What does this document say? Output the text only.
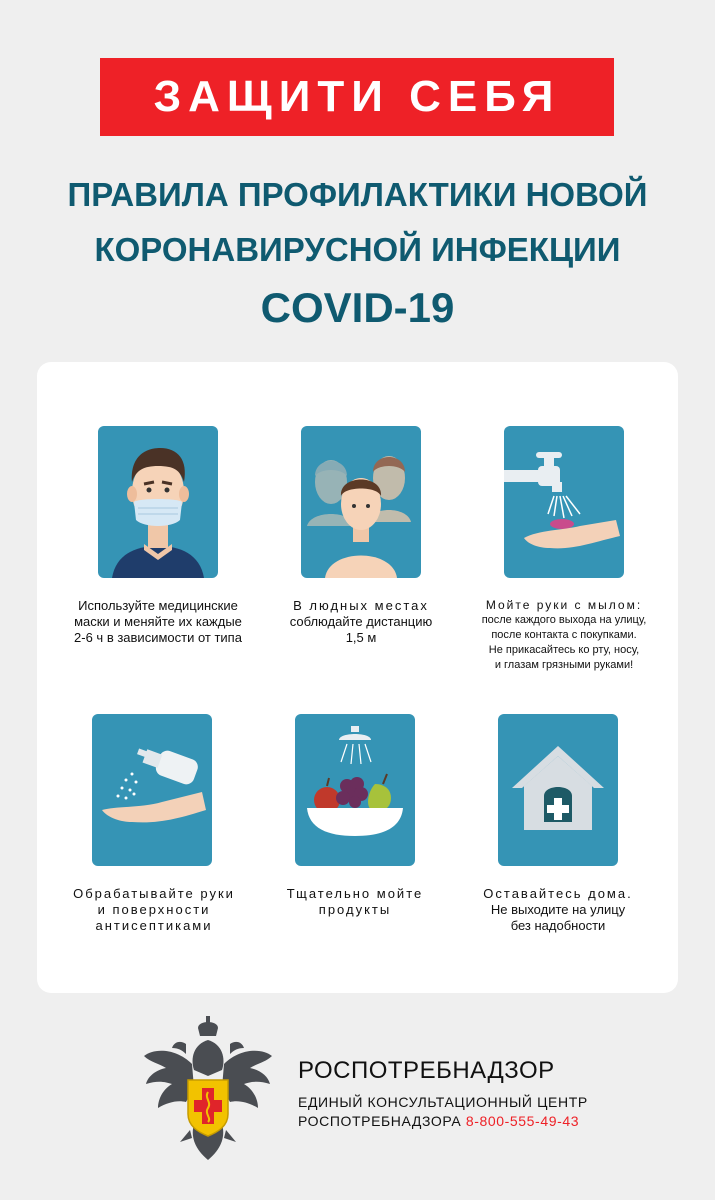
ЗАЩИТИ СЕБЯ
ПРАВИЛА ПРОФИЛАКТИКИ НОВОЙ
КОРОНАВИРУСНОЙ ИНФЕКЦИИ
COVID-19
Используйте медицинские
маски и меняйте их каждые
2-6 ч в зависимости от типа
В людных местах
соблюдайте дистанцию
1,5 м
Мойте руки с мылом:
после каждого выхода на улицу,
после контакта с покупками.
Не прикасайтесь ко рту, носу,
и глазам грязными руками!
Обрабатывайте руки
и поверхности
антисептиками
Тщательно мойте
продукты
Оставайтесь дома.
Не выходите на улицу
без надобности
РОСПОТРЕБНАДЗОР
ЕДИНЫЙ КОНСУЛЬТАЦИОННЫЙ ЦЕНТР
РОСПОТРЕБНАДЗОРА 8-800-555-49-43
